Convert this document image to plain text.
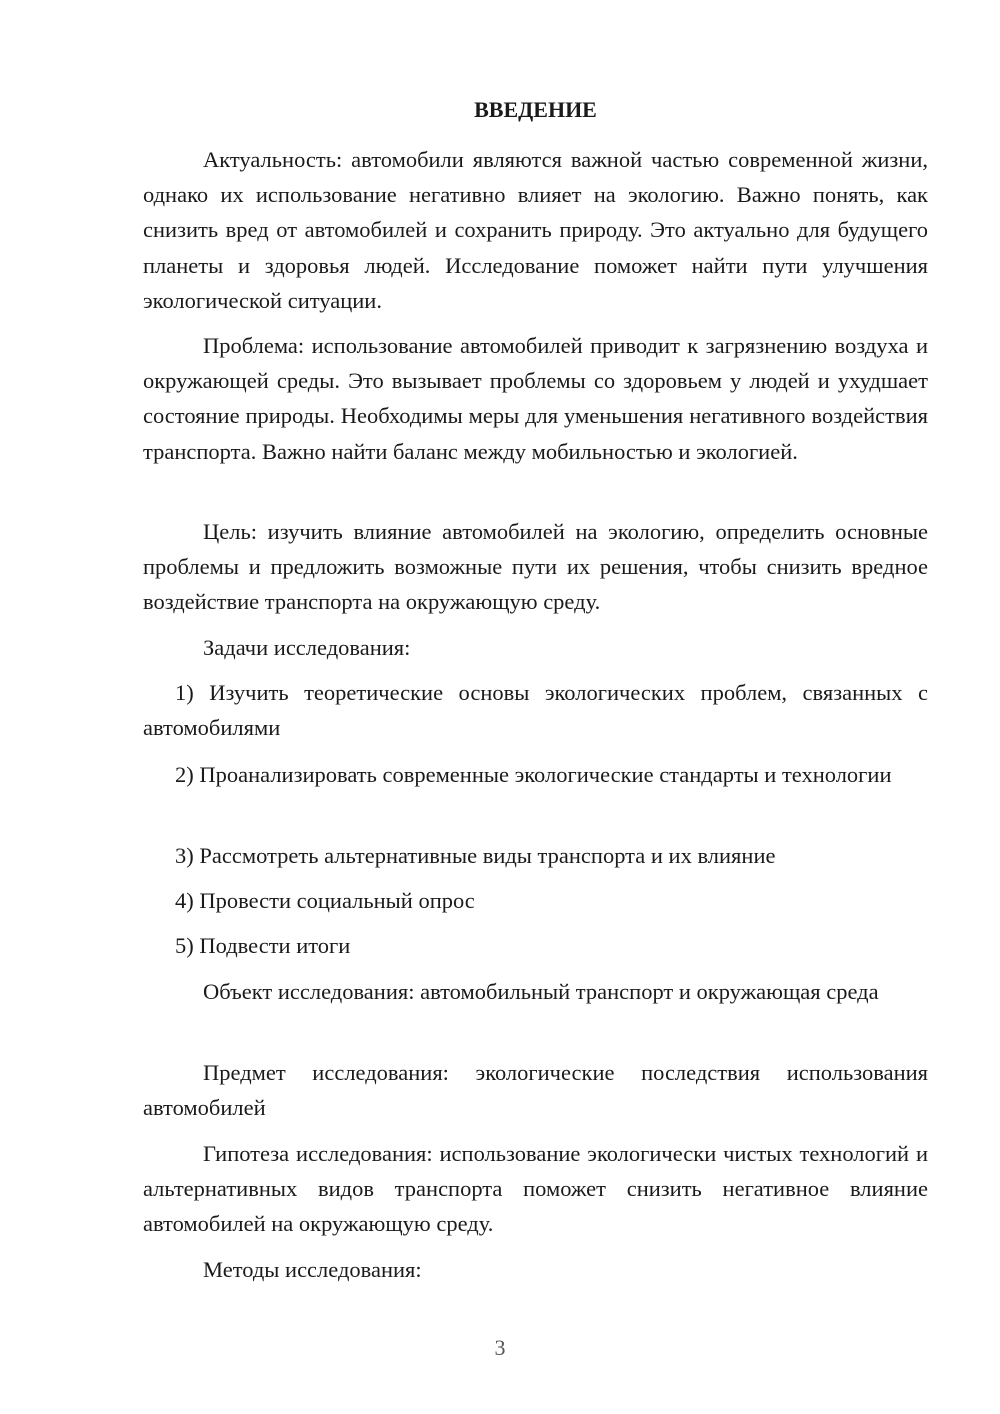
ВВЕДЕНИЕ

Актуальность: автомобили являются важной частью современной жизни, однако их использование негативно влияет на экологию. Важно понять, как снизить вред от автомобилей и сохранить природу. Это актуально для будущего планеты и здоровья людей. Исследование поможет найти пути улучшения экологической ситуации.

Проблема: использование автомобилей приводит к загрязнению воздуха и окружающей среды. Это вызывает проблемы со здоровьем у людей и ухудшает состояние природы. Необходимы меры для уменьшения негативного воздействия транспорта. Важно найти баланс между мобильностью и экологией.

Цель: изучить влияние автомобилей на экологию, определить основные проблемы и предложить возможные пути их решения, чтобы снизить вредное воздействие транспорта на окружающую среду.

Задачи исследования:

1) Изучить теоретические основы экологических проблем, связанных с автомобилями

2) Проанализировать современные экологические стандарты и технологии

3) Рассмотреть альтернативные виды транспорта и их влияние

4) Провести социальный опрос

5) Подвести итоги

Объект исследования: автомобильный транспорт и окружающая среда

Предмет исследования: экологические последствия использования автомобилей

Гипотеза исследования: использование экологически чистых технологий и альтернативных видов транспорта поможет снизить негативное влияние автомобилей на окружающую среду.

Методы исследования:

3
